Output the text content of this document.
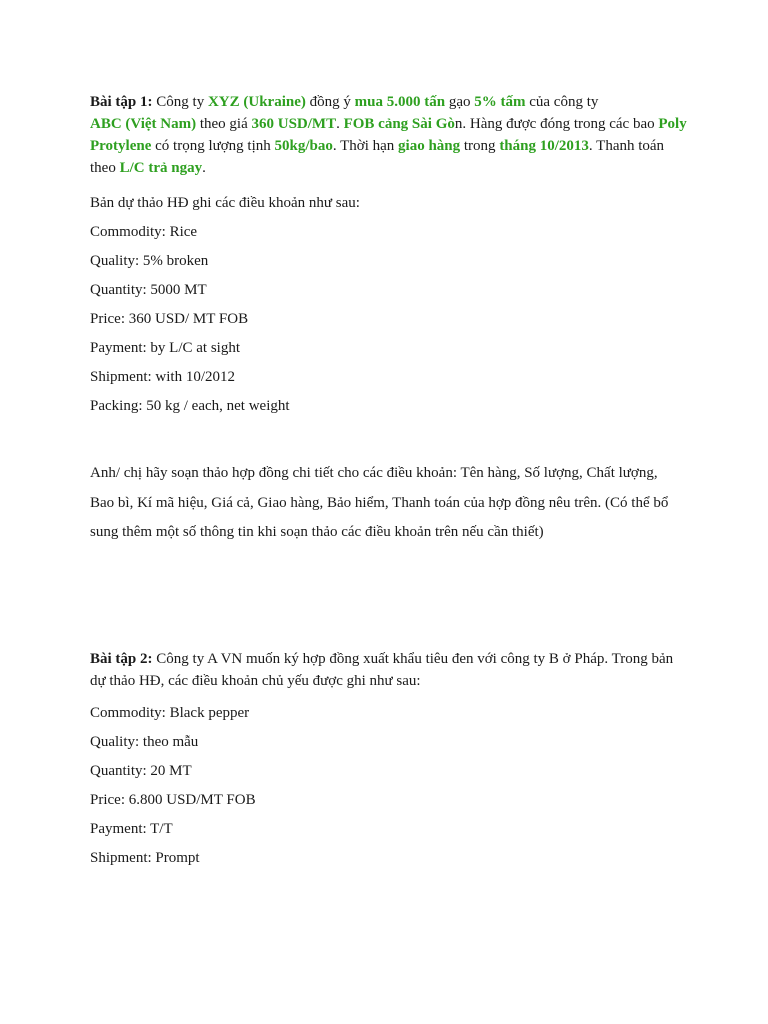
Bài tập 1: Công ty XYZ (Ukraine) đồng ý mua 5.000 tấn gạo 5% tấm của công ty
ABC (Việt Nam) theo giá 360 USD/MT. FOB cảng Sài Gòn. Hàng được đóng trong các bao Poly Protylene có trọng lượng tịnh 50kg/bao. Thời hạn giao hàng trong tháng 10/2013. Thanh toán theo L/C trả ngay.

Bản dự thảo HĐ ghi các điều khoản như sau:
Commodity: Rice
Quality: 5% broken
Quantity: 5000 MT
Price: 360 USD/ MT FOB
Payment: by L/C at sight
Shipment: with 10/2012
Packing: 50 kg / each, net weight
Anh/ chị hãy soạn thảo hợp đồng chi tiết cho các điều khoản: Tên hàng, Số lượng, Chất lượng, Bao bì, Kí mã hiệu, Giá cả, Giao hàng, Bảo hiểm, Thanh toán của hợp đồng nêu trên. (Có thể bổ sung thêm một số thông tin khi soạn thảo các điều khoản trên nếu cần thiết)

Bài tập 2: Công ty A VN muốn ký hợp đồng xuất khẩu tiêu đen với công ty B ở Pháp. Trong bản dự thảo HĐ, các điều khoản chủ yếu được ghi như sau:

Commodity: Black pepper
Quality: theo mẫu
Quantity: 20 MT
Price: 6.800 USD/MT FOB
Payment: T/T
Shipment: Prompt
